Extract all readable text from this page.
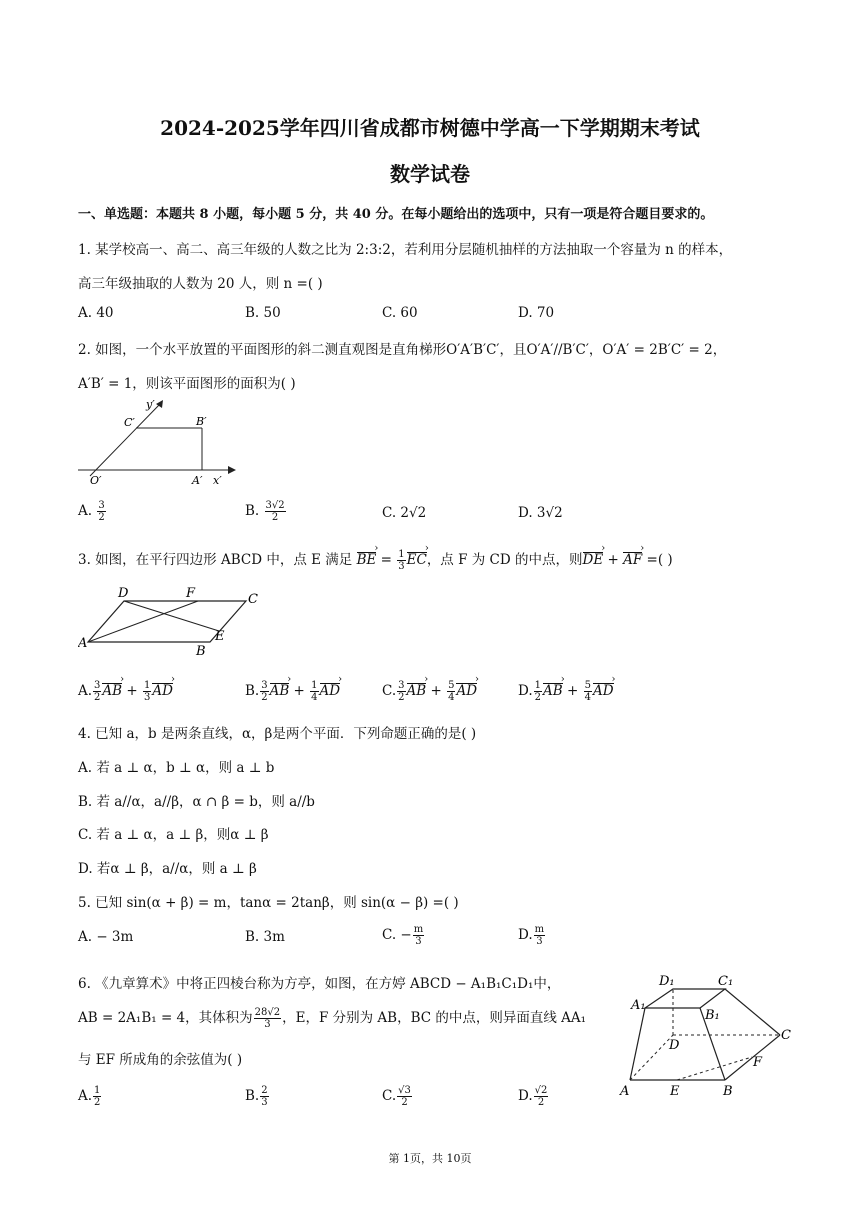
2024-2025学年四川省成都市树德中学高一下学期期末考试
数学试卷
一、单选题：本题共 8 小题，每小题 5 分，共 40 分。在每小题给出的选项中，只有一项是符合题目要求的。
1. 某学校高一、高二、高三年级的人数之比为 2:3:2，若利用分层随机抽样的方法抽取一个容量为 n 的样本，
高三年级抽取的人数为 20 人，则 n =( )
A. 40	B. 50	C. 60	D. 70
2. 如图，一个水平放置的平面图形的斜二测直观图是直角梯形O′A′B′C′，且O′A′//B′C′，O′A′ = 2B′C′ = 2，
A′B′ = 1，则该平面图形的面积为( )
y′
C′	B′
O′	A′ x′
A. $\frac{3}{2}$	B. $\frac{3√2}{2}$	C. 2√2	D. 3√2
3. 如图，在平行四边形 ABCD 中，点 E 满足 BE › = $\frac{1}{3}$ EC ›，点 F 为 CD 的中点，则DE › + AF › =( )
D	F	C
A	E
B
A. $\frac{3}{2}$ AB › + $\frac{1}{3}$ AD ›	B. $\frac{3}{2}$ AB › + $\frac{1}{4}$ AD ›	C. $\frac{3}{2}$ AB › + $\frac{5}{4}$ AD ›	D. $\frac{1}{2}$ AB › + $\frac{5}{4}$ AD ›
4. 已知 a，b 是两条直线，α，β是两个平面．下列命题正确的是( )
A. 若 a ⊥ α，b ⊥ α，则 a ⊥ b
B. 若 a//α，a//β，α ∩ β = b，则 a//b
C. 若 a ⊥ α，a ⊥ β，则α ⊥ β
D. 若α ⊥ β，a//α，则 a ⊥ β
5. 已知 sin(α + β) = m，tanα = 2tanβ，则 sin(α − β) =( )
A. − 3m	B. 3m	C. − $\frac{m}{3}$	D. $\frac{m}{3}$
6. 《九章算术》中将正四棱台称为方亭，如图，在方婷 ABCD − A₁B₁C₁D₁中，
AB = 2A₁B₁ = 4，其体积为 $\frac{28√2}{3}$ ，E，F 分别为 AB，BC 的中点，则异面直线 AA₁
与 EF 所成角的余弦值为( )
A. $\frac{1}{2}$	B. $\frac{2}{3}$	C. $\frac{√3}{2}$	D. $\frac{√2}{2}$
D₁	C₁
A₁
B₁
D
C
F
A	E	B
第 1页，共 10页
